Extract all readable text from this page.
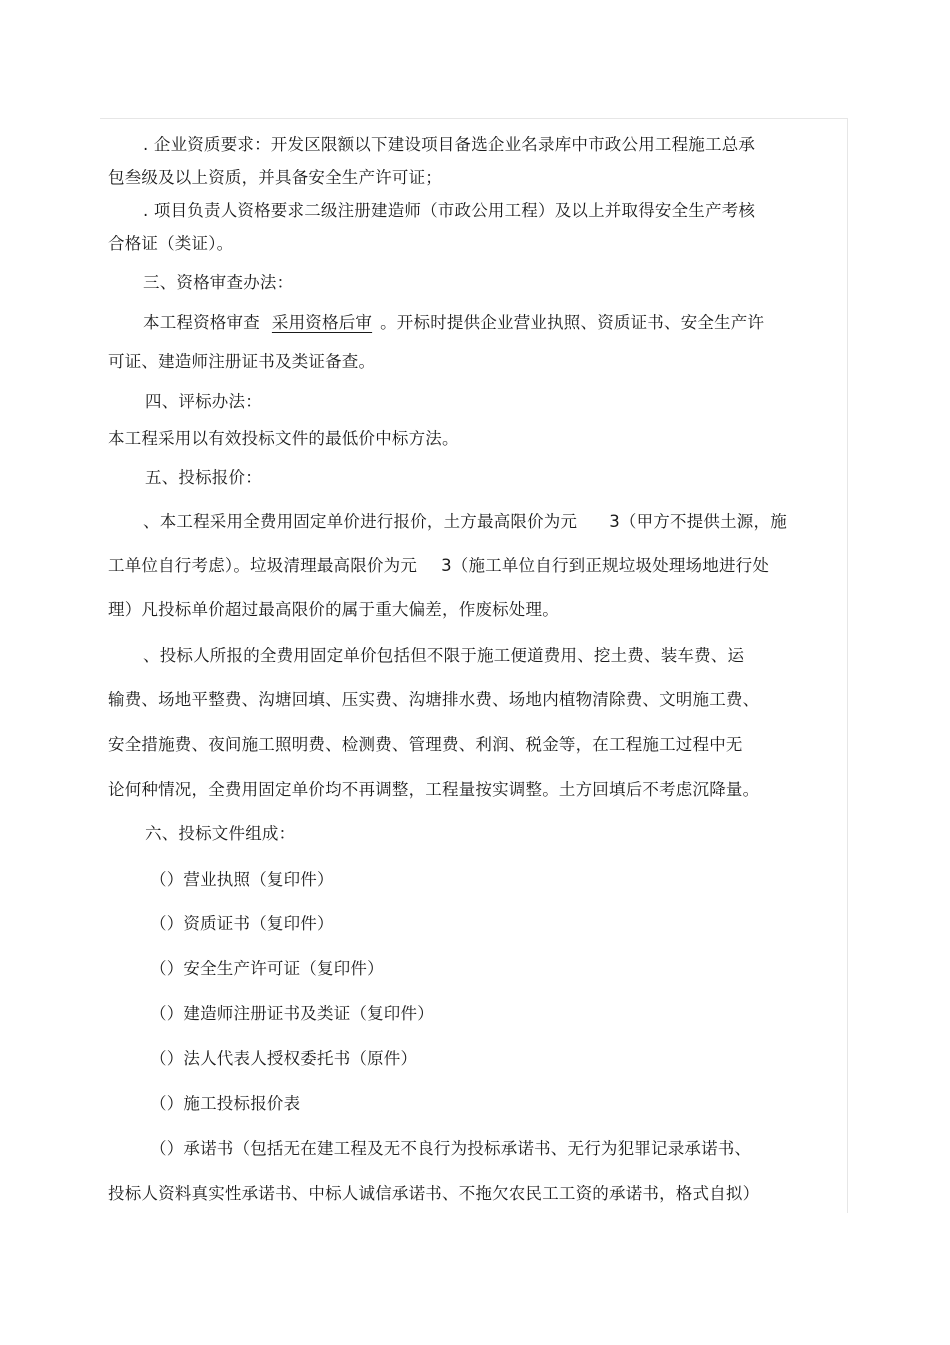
. 企业资质要求：开发区限额以下建设项目备选企业名录库中市政公用工程施工总承
包叁级及以上资质，并具备安全生产许可证；
. 项目负责人资格要求二级注册建造师（市政公用工程）及以上并取得安全生产考核
合格证（类证）。
三、资格审查办法：
本工程资格审查 采用资格后审 。开标时提供企业营业执照、资质证书、安全生产许
可证、建造师注册证书及类证备查。
四、评标办法：
本工程采用以有效投标文件的最低价中标方法。
五、投标报价：
、本工程采用全费用固定单价进行报价，土方最高限价为元 3（甲方不提供土源，施
工单位自行考虑）。垃圾清理最高限价为元 3（施工单位自行到正规垃圾处理场地进行处
理）凡投标单价超过最高限价的属于重大偏差，作废标处理。
、投标人所报的全费用固定单价包括但不限于施工便道费用、挖土费、装车费、运
输费、场地平整费、沟塘回填、压实费、沟塘排水费、场地内植物清除费、文明施工费、
安全措施费、夜间施工照明费、检测费、管理费、利润、税金等，在工程施工过程中无
论何种情况，全费用固定单价均不再调整，工程量按实调整。土方回填后不考虑沉降量。
六、投标文件组成：
（）营业执照（复印件）
（）资质证书（复印件）
（）安全生产许可证（复印件）
（）建造师注册证书及类证（复印件）
（）法人代表人授权委托书（原件）
（）施工投标报价表
（）承诺书（包括无在建工程及无不良行为投标承诺书、无行为犯罪记录承诺书、
投标人资料真实性承诺书、中标人诚信承诺书、不拖欠农民工工资的承诺书，格式自拟）
